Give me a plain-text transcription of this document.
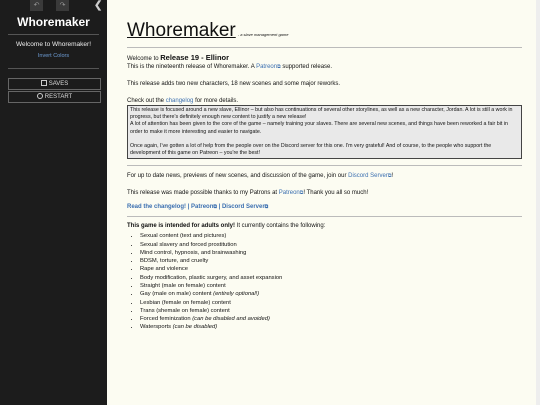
↶	↷	❮
Whoremaker
Welcome to Whoremaker!
Invert Colors
SAVES
RESTART
Whoremaker - a slave management game

Welcome to Release 19 - Ellinor

This is the nineteenth release of Whoremaker. A Patreon⧉ supported release.

This release adds two new characters, 18 new scenes and some major reworks.

Check out the changelog for more details.

This release is focused around a new slave, Ellinor – but also has continuations of several other storylines, as well as a new character, Jordan. A lot is still a work in progress, but there's definitely enough new content to justify a new release!
A lot of attention has been given to the core of the game – namely training your slaves. There are several new scenes, and things have been reworked a fair bit in order to make it more interesting and easier to navigate.
Once again, I've gotten a lot of help from the people over on the Discord server for this one. I'm very grateful! And of course, to the people who support the development of this game on Patreon – you're the best!

For up to date news, previews of new scenes, and discussion of the game, join our Discord Server⧉!

This release was made possible thanks to my Patrons at Patreon⧉! Thank you all so much!

Read the changelog! | Patreon⧉ | Discord Server⧉

This game is intended for adults only! It currently contains the following:

• Sexual content (text and pictures)
• Sexual slavery and forced prostitution
• Mind control, hypnosis, and brainwashing
• BDSM, torture, and cruelty
• Rape and violence
• Body modification, plastic surgery, and asset expansion
• Straight (male on female) content
• Gay (male on male) content (entirely optional!)
• Lesbian (female on female) content
• Trans (shemale on female) content
• Forced feminization (can be disabled and avoided)
• Watersports (can be disabled)
